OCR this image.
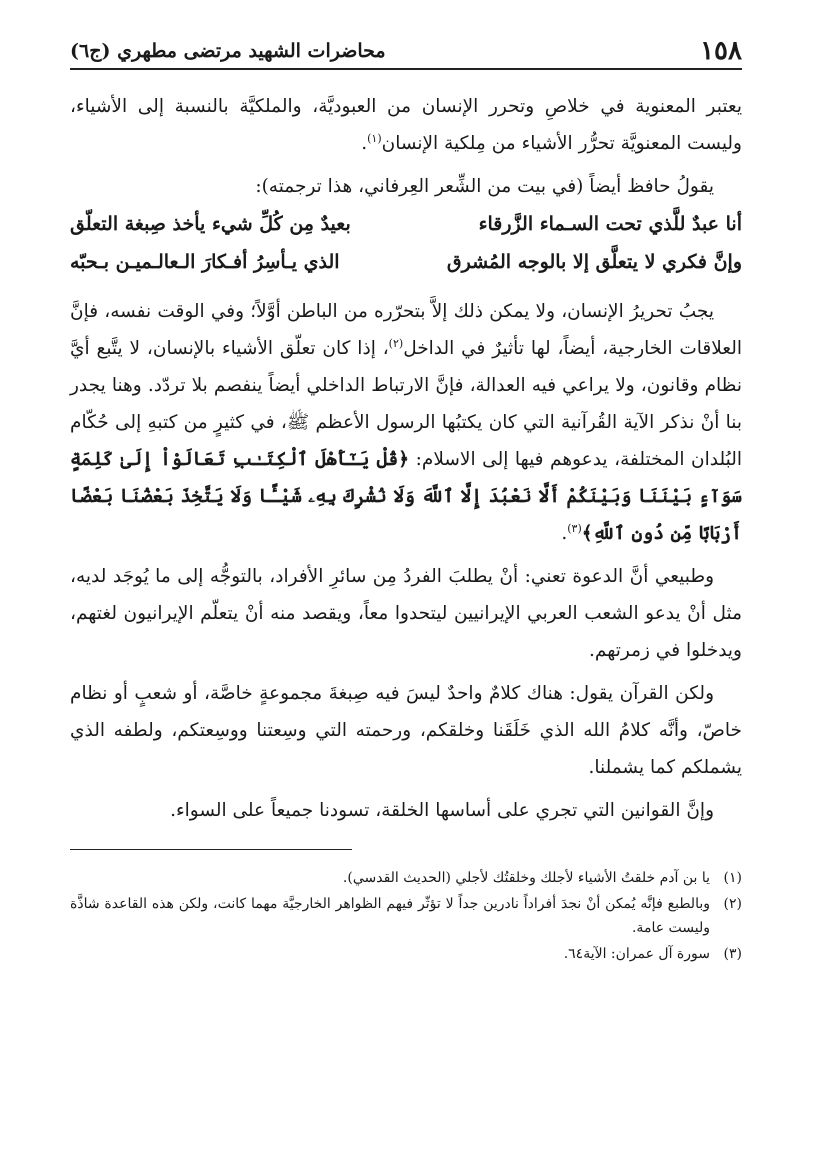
١٥٨
محاضرات الشهيد مرتضى مطهري (ج٦)

يعتبر المعنوية في خلاصِ وتحرر الإنسان من العبوديَّة، والملكيَّة بالنسبة إلى الأشياء، وليست المعنويَّة تحرُّر الأشياء من مِلكية الإنسان$^{(١)}$.

يقولُ حافظ أيضاً (في بيت من الشِّعر العِرفاني، هذا ترجمته):

أنا عبدٌ للَّذي تحت السـماء الزَّرقاء
بعيدٌ مِن كُلِّ شيء يأخذ صِبغة التعلّق
وإنَّ فكري لا يتعلَّق إلا بالوجه المُشرق
الذي يـأسِرُ أفـكارَ الـعالـميـن بـحبّه

يجبُ تحريرُ الإنسان، ولا يمكن ذلك إلاَّ بتحرّره من الباطن أوَّلاً؛ وفي الوقت نفسه، فإنَّ العلاقات الخارجية، أيضاً، لها تأثيرٌ في الداخل$^{(٢)}$، إذا كان تعلّق الأشياء بالإنسان، لا يتَّبع أيَّ نظام وقانون، ولا يراعي فيه العدالة، فإنَّ الارتباط الداخلي أيضاً ينفصم بلا تردّد. وهنا يجدر بنا أنْ نذكر الآية القُرآنية التي كان يكتبُها الرسول الأعظم ﷺ، في كثيرٍ من كتبهِ إلى حُكّام البُلدان المختلفة، يدعوهم فيها إلى الاسلام: ﴿قُلْ يَـٰٓأَهْلَ ٱلْكِتَـٰبِ تَعَالَوْاْ إِلَىٰ كَلِمَةٍ سَوَآءٍ بَيْنَنَا وَبَيْنَكُمْ أَلَّا نَعْبُدَ إِلَّا ٱللَّهَ وَلَا نُشْرِكَ بِهِۦ شَيْـًٔا وَلَا يَتَّخِذَ بَعْضُنَا بَعْضًا أَرْبَابًا مِّن دُونِ ٱللَّهِ﴾$^{(٣)}$.

وطبيعي أنَّ الدعوة تعني: أنْ يطلبَ الفردُ مِن سائرِ الأفراد، بالتوجُّه إلى ما يُوجَد لديه، مثل أنْ يدعو الشعب العربي الإيرانيين ليتحدوا معاً، ويقصد منه أنْ يتعلّم الإيرانيون لغتهم، ويدخلوا في زمرتهم.

ولكن القرآن يقول: هناك كلامٌ واحدٌ ليسَ فيه صِبغةَ مجموعةٍ خاصَّة، أو شعبٍ أو نظام خاصّ، وأنَّه كلامُ الله الذي خَلَقَنا وخلقكم، ورحمته التي وسِعتنا ووسِعتكم، ولطفه الذي يشملكم كما يشملنا.

وإنَّ القوانين التي تجري على أساسها الخلقة، تسودنا جميعاً على السواء.

(١)
يا بن آدم خلقتُ الأشياء لأجلك وخلقتُك لأجلي (الحديث القدسي).
(٢)
وبالطبع فإنَّه يُمكن أنْ نجدَ أفراداً نادرين جداً لا تؤثّر فيهم الظواهر الخارجيَّة مهما كانت، ولكن هذه القاعدة شاذَّة وليست عامة.
(٣)
سورة آل عمران: الآية٦٤.
